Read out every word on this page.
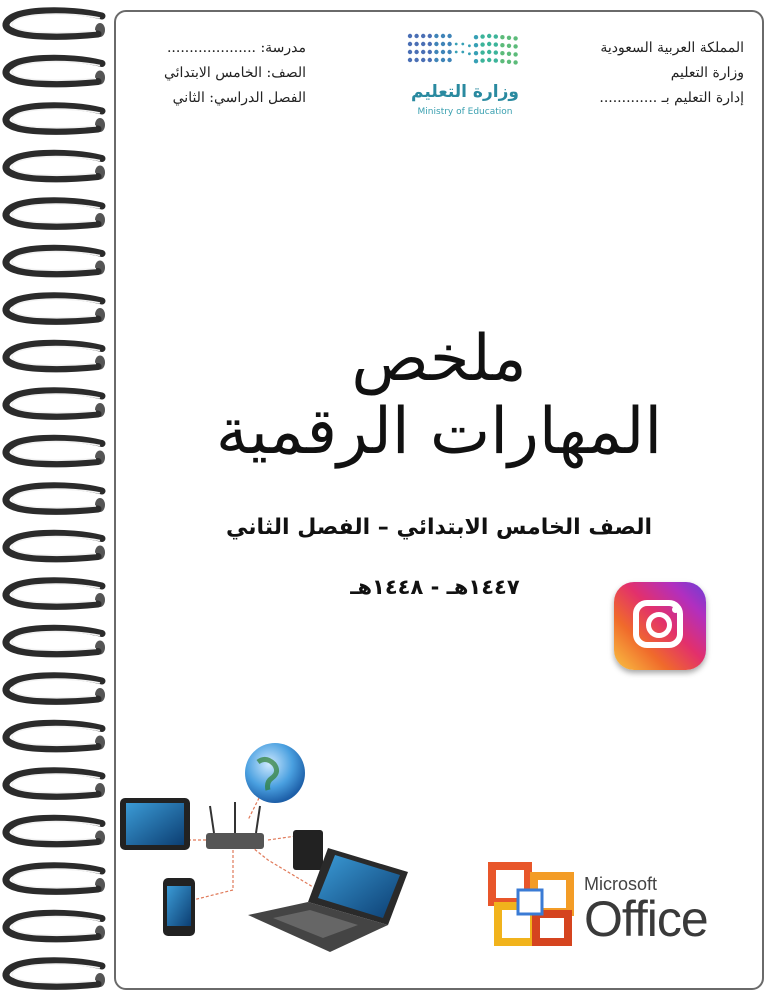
المملكة العربية السعودية
وزارة التعليم
إدارة التعليم بـ .............
مدرسة: ....................
الصف: الخامس الابتدائي
الفصل الدراسي: الثاني	وزارة التعليم
Ministry of Education
ملخص
المهارات الرقمية
الصف الخامس الابتدائي – الفصل الثاني
١٤٤٧هـ - ١٤٤٨هـ
Microsoft
Office
